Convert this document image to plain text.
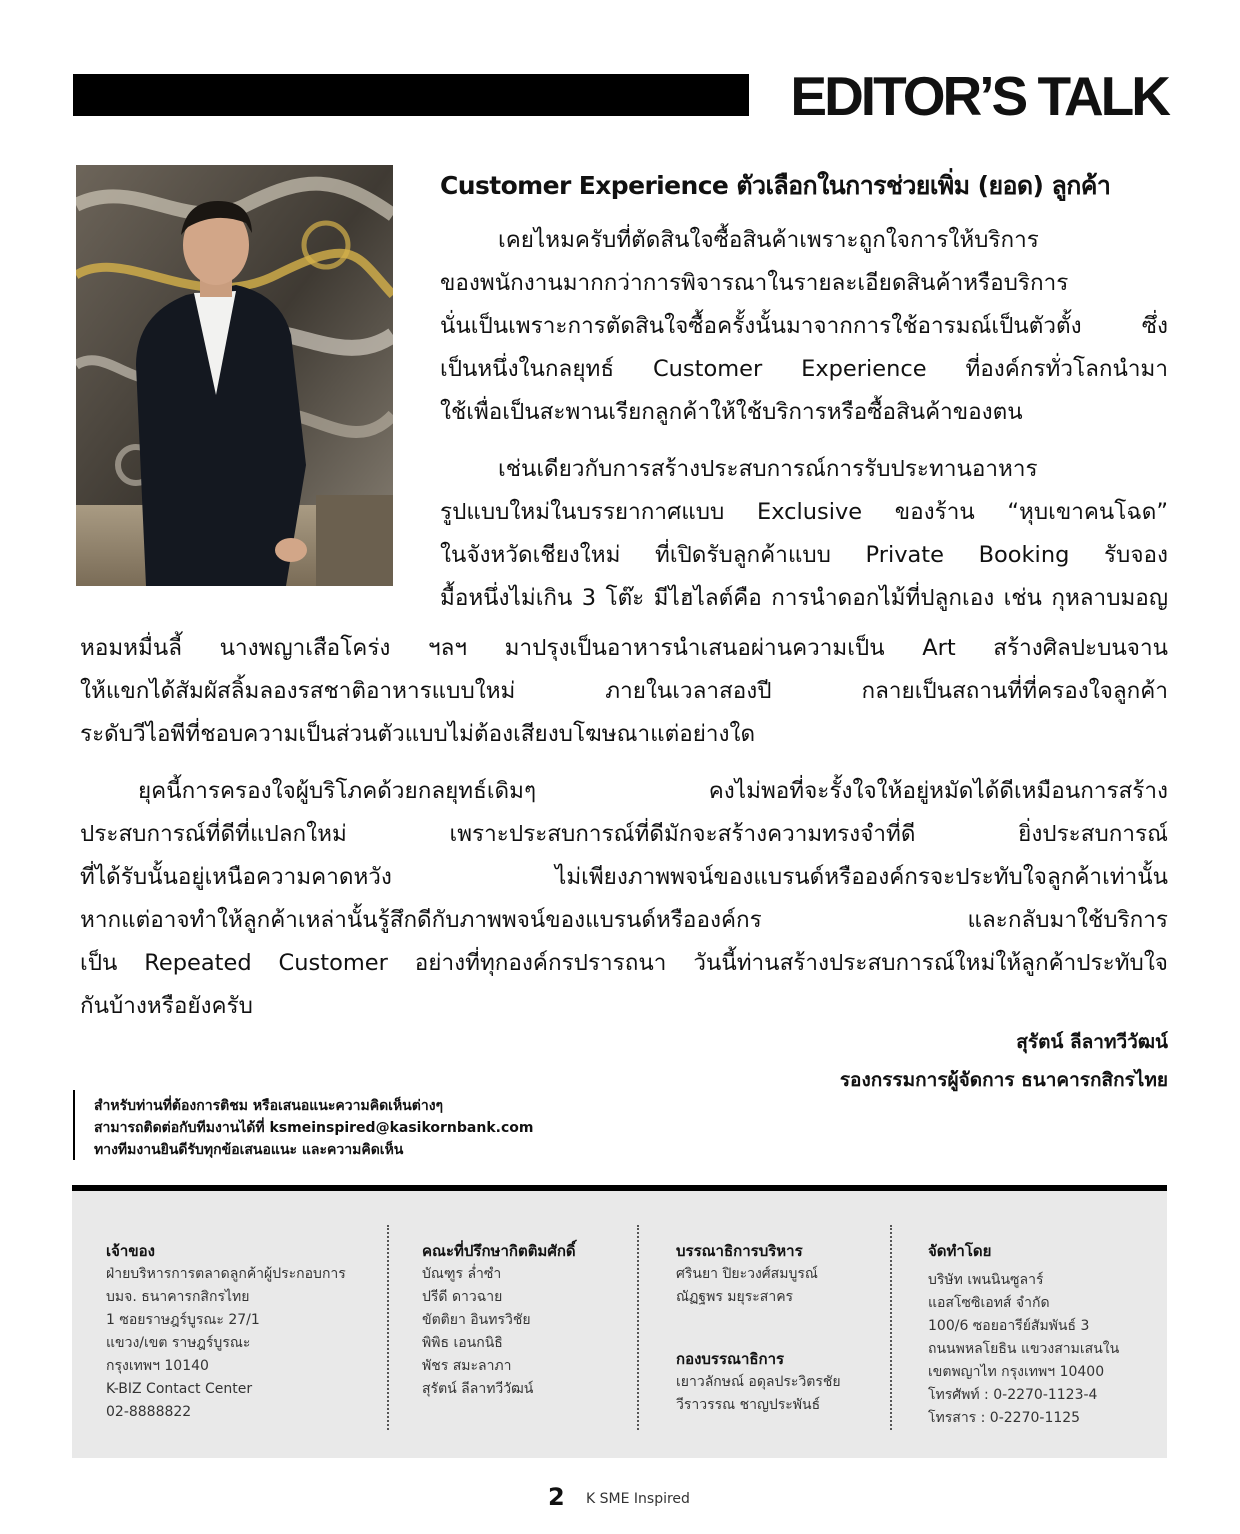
EDITOR’S TALK
Customer Experience ตัวเลือกในการช่วยเพิ่ม (ยอด) ลูกค้า
เคยไหมครับที่ตัดสินใจซื้อสินค้าเพราะถูกใจการให้บริการ
ของพนักงานมากกว่าการพิจารณาในรายละเอียดสินค้าหรือบริการ
นั่นเป็นเพราะการตัดสินใจซื้อครั้งนั้นมาจากการใช้อารมณ์เป็นตัวตั้ง ซึ่ง
เป็นหนึ่งในกลยุทธ์ Customer Experience ที่องค์กรทั่วโลกนำมา
ใช้เพื่อเป็นสะพานเรียกลูกค้าให้ใช้บริการหรือซื้อสินค้าของตน
เช่นเดียวกับการสร้างประสบการณ์การรับประทานอาหาร
รูปแบบใหม่ในบรรยากาศแบบ Exclusive ของร้าน “หุบเขาคนโฉด”
ในจังหวัดเชียงใหม่ ที่เปิดรับลูกค้าแบบ Private Booking รับจอง
มื้อหนึ่งไม่เกิน 3 โต๊ะ มีไฮไลต์คือ การนำดอกไม้ที่ปลูกเอง เช่น กุหลาบมอญ
หอมหมื่นลี้ นางพญาเสือโคร่ง ฯลฯ มาปรุงเป็นอาหารนำเสนอผ่านความเป็น Art สร้างศิลปะบนจาน
ให้แขกได้สัมผัสลิ้มลองรสชาติอาหารแบบใหม่ ภายในเวลาสองปี กลายเป็นสถานที่ที่ครองใจลูกค้า
ระดับวีไอพีที่ชอบความเป็นส่วนตัวแบบไม่ต้องเสียงบโฆษณาแต่อย่างใด
ยุคนี้การครองใจผู้บริโภคด้วยกลยุทธ์เดิมๆ คงไม่พอที่จะรั้งใจให้อยู่หมัดได้ดีเหมือนการสร้าง
ประสบการณ์ที่ดีที่แปลกใหม่ เพราะประสบการณ์ที่ดีมักจะสร้างความทรงจำที่ดี ยิ่งประสบการณ์
ที่ได้รับนั้นอยู่เหนือความคาดหวัง ไม่เพียงภาพพจน์ของแบรนด์หรือองค์กรจะประทับใจลูกค้าเท่านั้น
หากแต่อาจทำให้ลูกค้าเหล่านั้นรู้สึกดีกับภาพพจน์ของแบรนด์หรือองค์กร และกลับมาใช้บริการ
เป็น Repeated Customer อย่างที่ทุกองค์กรปรารถนา วันนี้ท่านสร้างประสบการณ์ใหม่ให้ลูกค้าประทับใจ
กันบ้างหรือยังครับ
สุรัตน์ ลีลาทวีวัฒน์
รองกรรมการผู้จัดการ ธนาคารกสิกรไทย
สำหรับท่านที่ต้องการติชม หรือเสนอแนะความคิดเห็นต่างๆ
สามารถติดต่อกับทีมงานได้ที่ ksmeinspired@kasikornbank.com
ทางทีมงานยินดีรับทุกข้อเสนอแนะ และความคิดเห็น
เจ้าของ

ฝ่ายบริหารการตลาดลูกค้าผู้ประกอบการ

บมจ. ธนาคารกสิกรไทย

1 ซอยราษฎร์บูรณะ 27/1

แขวง/เขต ราษฎร์บูรณะ

กรุงเทพฯ 10140

K-BIZ Contact Center

02-8888822

คณะที่ปรึกษากิตติมศักดิ์

บัณฑูร ล่ำซำ

ปรีดี ดาวฉาย

ขัตติยา อินทรวิชัย

พิพิธ เอนกนิธิ

พัชร สมะลาภา

สุรัตน์ ลีลาทวีวัฒน์

บรรณาธิการบริหาร

ศรินยา ปิยะวงศ์สมบูรณ์

ณัฏฐพร มยุระสาคร

กองบรรณาธิการ

เยาวลักษณ์ อดุลประวิตรชัย

วีราวรรณ ชาญประพันธ์

จัดทำโดย

บริษัท เพนนินซูลาร์

แอสโซซิเอทส์ จำกัด

100/6 ซอยอารีย์สัมพันธ์ 3

ถนนพหลโยธิน แขวงสามเสนใน

เขตพญาไท กรุงเทพฯ 10400

โทรศัพท์ : 0-2270-1123-4

โทรสาร : 0-2270-1125

2 K SME Inspired
